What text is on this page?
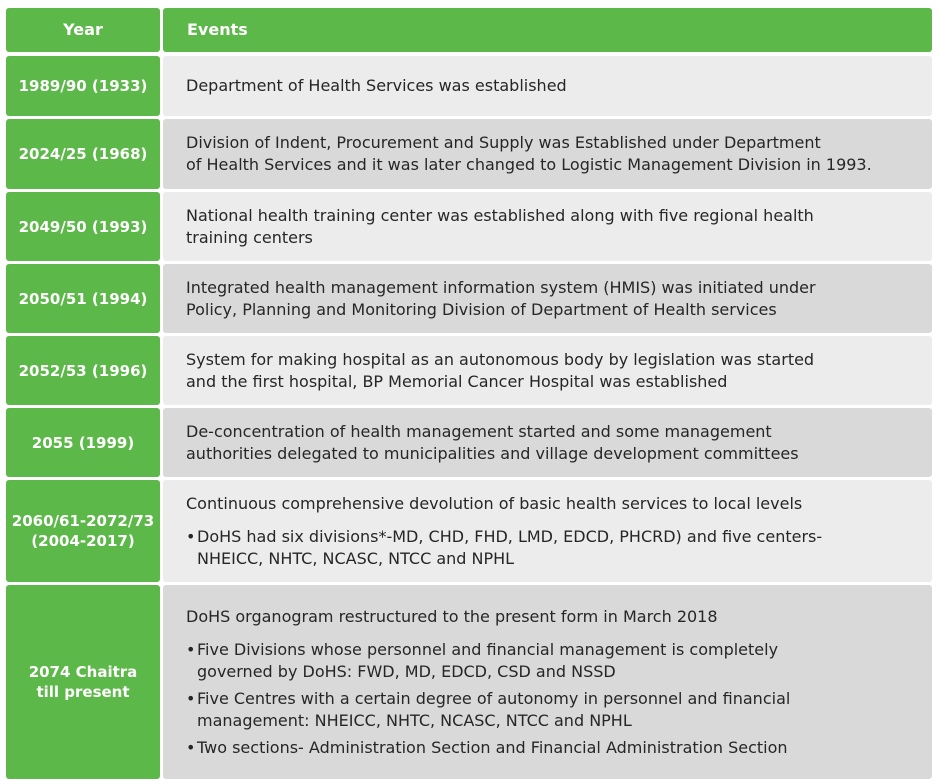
Year	Events
1989/90 (1933) Department of Health Services was established
2024/25 (1968)
Division of Indent, Procurement and Supply was Established under Department
of Health Services and it was later changed to Logistic Management Division in 1993.
2049/50 (1993)
National health training center was established along with five regional health
training centers
2050/51 (1994)
Integrated health management information system (HMIS) was initiated under
Policy, Planning and Monitoring Division of Department of Health services
2052/53 (1996)
System for making hospital as an autonomous body by legislation was started
and the first hospital, BP Memorial Cancer Hospital was established
2055 (1999)
De-concentration of health management started and some management
authorities delegated to municipalities and village development committees
2060/61-2072/73
(2004-2017)
Continuous comprehensive devolution of basic health services to local levels
• DoHS had six divisions*-MD, CHD, FHD, LMD, EDCD, PHCRD) and five centers-
NHEICC, NHTC, NCASC, NTCC and NPHL
2074 Chaitra
till present
DoHS organogram restructured to the present form in March 2018
• Five Divisions whose personnel and financial management is completely
governed by DoHS: FWD, MD, EDCD, CSD and NSSD
• Five Centres with a certain degree of autonomy in personnel and financial
management: NHEICC, NHTC, NCASC, NTCC and NPHL
• Two sections- Administration Section and Financial Administration Section
